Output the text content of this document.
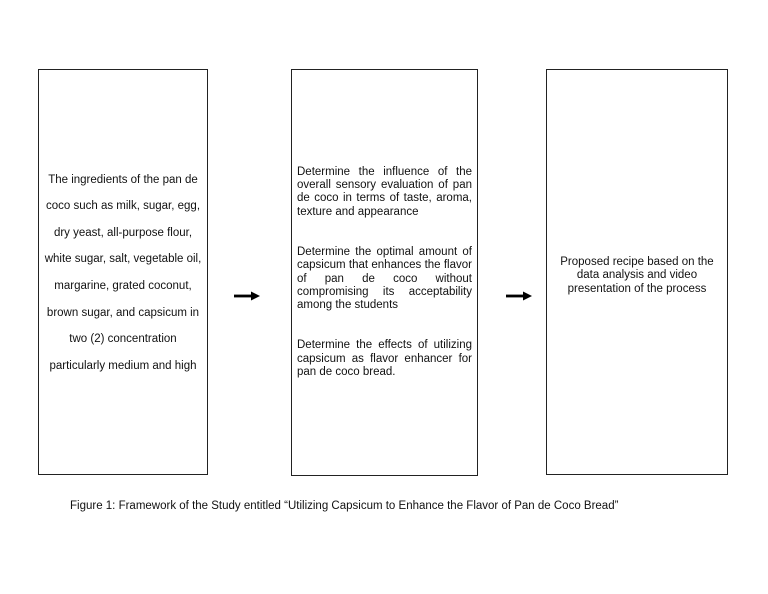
The ingredients of the pan de coco such as milk, sugar, egg, dry yeast, all-purpose flour, white sugar, salt, vegetable oil, margarine, grated coconut, brown sugar, and capsicum in two (2) concentration particularly medium and high

Determine the influence of the overall sensory evaluation of pan de coco in terms of taste, aroma, texture and appearance

Determine the optimal amount of capsicum that enhances the flavor of pan de coco without compromising its acceptability among the students

Determine the effects of utilizing capsicum as flavor enhancer for pan de coco bread.

Proposed recipe based on the data analysis and video presentation of the process

Figure 1: Framework of the Study entitled “Utilizing Capsicum to Enhance the Flavor of Pan de Coco Bread”
